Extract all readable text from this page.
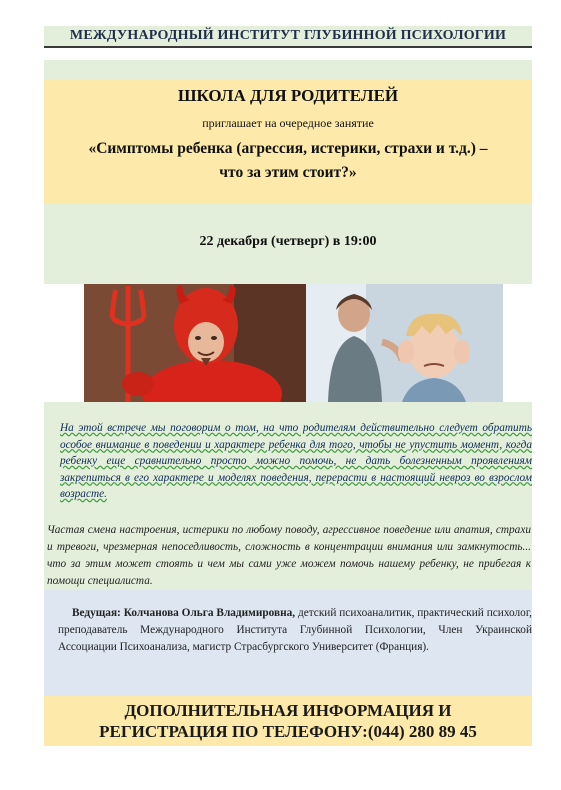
МЕЖДУНАРОДНЫЙ ИНСТИТУТ ГЛУБИННОЙ ПСИХОЛОГИИ
ШКОЛА ДЛЯ РОДИТЕЛЕЙ
приглашает на очередное занятие
«Симптомы ребенка (агрессия, истерики, страхи и т.д.) –
что за этим стоит?»
22 декабря (четверг) в 19:00
На этой встрече мы поговорим о том, на что родителям действительно следует обратить особое внимание в поведении и характере ребенка для того, чтобы не упустить момент, когда ребенку еще сравнительно просто можно помочь, не дать болезненным проявлениям закрепиться в его характере и моделях поведения, перерасти в настоящий невроз во взрослом возрасте.
Частая смена настроения, истерики по любому поводу, агрессивное поведение или апатия, страхи и тревоги, чрезмерная непоседливость, сложность в концентрации внимания или замкнутость... что за этим может стоять и чем мы сами уже можем помочь нашему ребенку, не прибегая к помощи специалиста.
Ведущая: Колчанова Ольга Владимировна, детский психоаналитик, практический психолог, преподаватель Международного Института Глубинной Психологии, Член Украинской Ассоциации Психоанализа, магистр Страсбургского Университет (Франция).
ДОПОЛНИТЕЛЬНАЯ ИНФОРМАЦИЯ И
РЕГИСТРАЦИЯ ПО ТЕЛЕФОНУ:(044) 280 89 45
